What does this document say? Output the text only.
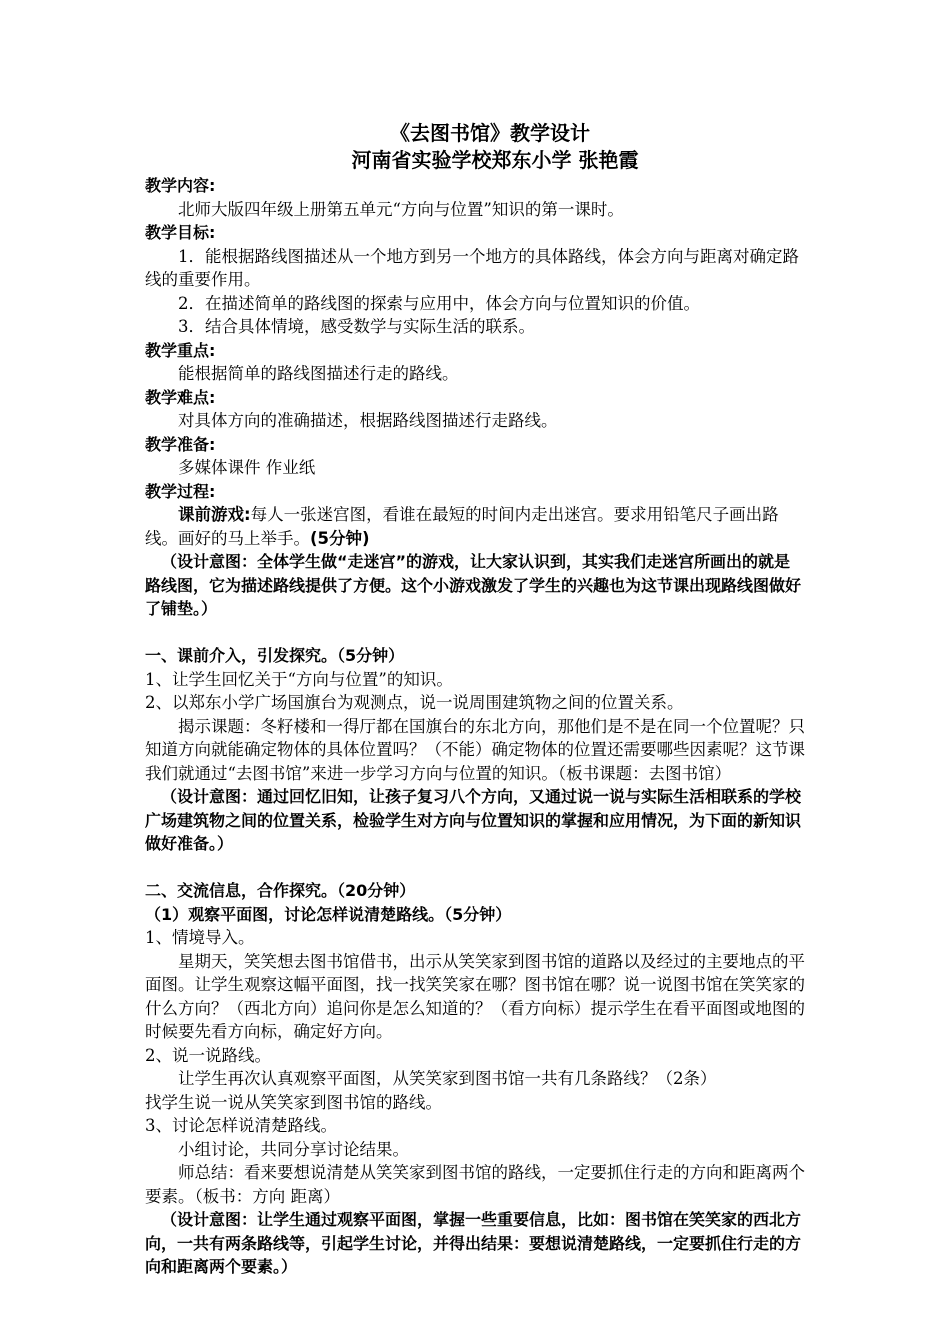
《去图书馆》教学设计
河南省实验学校郑东小学 张艳霞
教学内容:
北师大版四年级上册第五单元“方向与位置”知识的第一课时。
教学目标:
1．能根据路线图描述从一个地方到另一个地方的具体路线，体会方向与距离对确定路线的重要作用。
2．在描述简单的路线图的探索与应用中，体会方向与位置知识的价值。
3．结合具体情境，感受数学与实际生活的联系。
教学重点:
能根据简单的路线图描述行走的路线。
教学难点:
对具体方向的准确描述，根据路线图描述行走路线。
教学准备:
多媒体课件 作业纸
教学过程:
课前游戏:每人一张迷宫图，看谁在最短的时间内走出迷宫。要求用铅笔尺子画出路线。画好的马上举手。(5分钟)
（设计意图：全体学生做“走迷宫”的游戏，让大家认识到，其实我们走迷宫所画出的就是路线图，它为描述路线提供了方便。这个小游戏激发了学生的兴趣也为这节课出现路线图做好了铺垫。）
一、课前介入，引发探究。（5分钟）
1、让学生回忆关于“方向与位置”的知识。
2、以郑东小学广场国旗台为观测点，说一说周围建筑物之间的位置关系。
揭示课题：冬籽楼和一得厅都在国旗台的东北方向，那他们是不是在同一个位置呢？只知道方向就能确定物体的具体位置吗？（不能）确定物体的位置还需要哪些因素呢？这节课我们就通过“去图书馆”来进一步学习方向与位置的知识。（板书课题：去图书馆）
（设计意图：通过回忆旧知，让孩子复习八个方向，又通过说一说与实际生活相联系的学校广场建筑物之间的位置关系，检验学生对方向与位置知识的掌握和应用情况，为下面的新知识做好准备。）
二、交流信息，合作探究。（20分钟）
（1）观察平面图，讨论怎样说清楚路线。（5分钟）
1、情境导入。
星期天，笑笑想去图书馆借书，出示从笑笑家到图书馆的道路以及经过的主要地点的平面图。让学生观察这幅平面图，找一找笑笑家在哪？图书馆在哪？说一说图书馆在笑笑家的什么方向？（西北方向）追问你是怎么知道的？（看方向标）提示学生在看平面图或地图的时候要先看方向标，确定好方向。
2、说一说路线。
让学生再次认真观察平面图，从笑笑家到图书馆一共有几条路线？（2条）
找学生说一说从笑笑家到图书馆的路线。
3、讨论怎样说清楚路线。
小组讨论，共同分享讨论结果。
师总结：看来要想说清楚从笑笑家到图书馆的路线，一定要抓住行走的方向和距离两个要素。（板书：方向 距离）
（设计意图：让学生通过观察平面图，掌握一些重要信息，比如：图书馆在笑笑家的西北方向，一共有两条路线等，引起学生讨论，并得出结果：要想说清楚路线，一定要抓住行走的方向和距离两个要素。）
